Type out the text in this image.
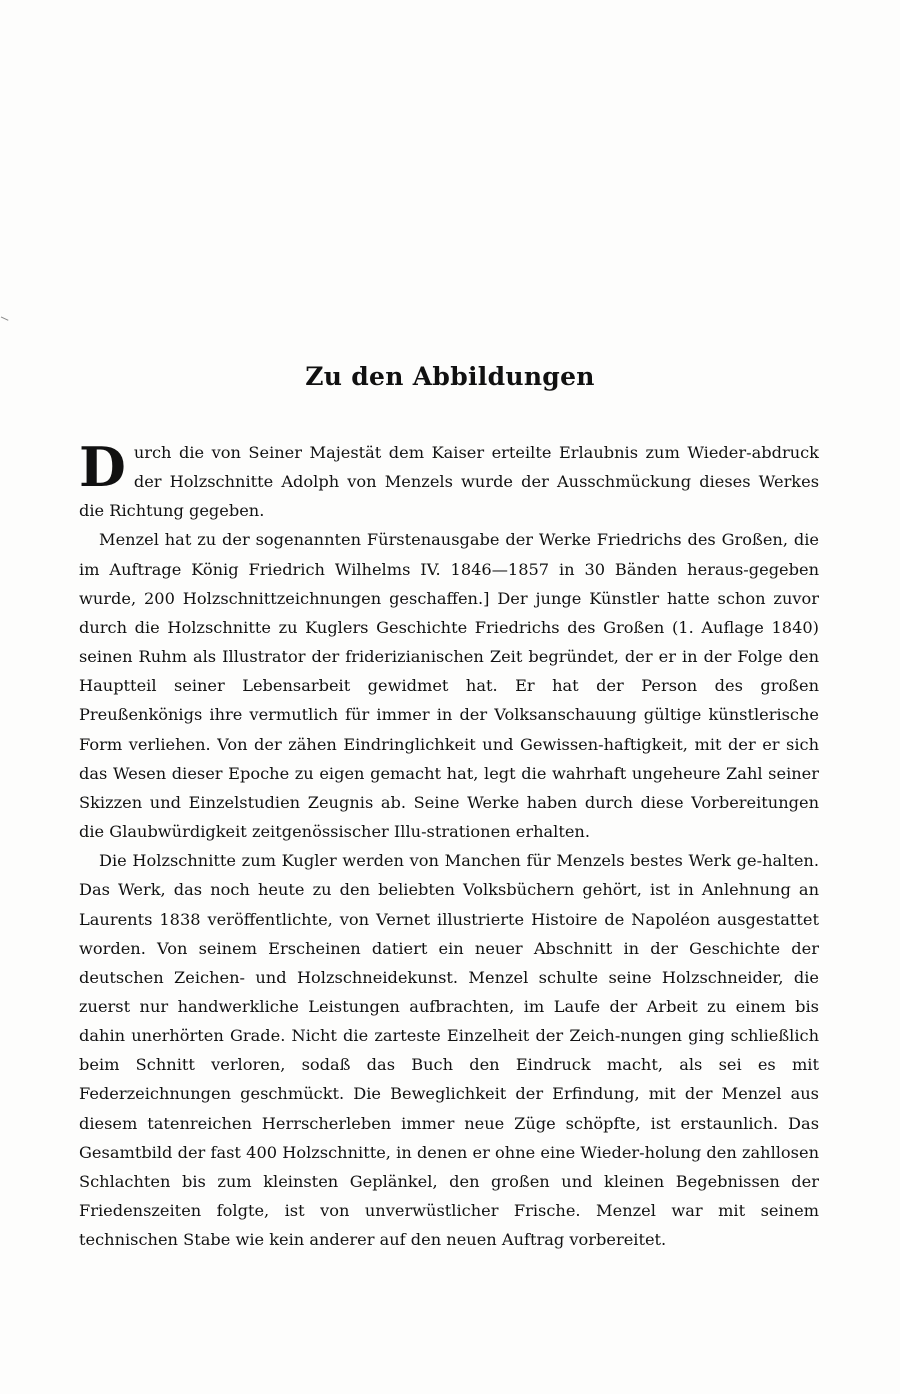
Zu den Abbildungen

Durch die von Seiner Majestät dem Kaiser erteilte Erlaubnis zum Wieder-abdruck der Holzschnitte Adolph von Menzels wurde der Ausschmückung dieses Werkes die Richtung gegeben.

Menzel hat zu der sogenannten Fürstenausgabe der Werke Friedrichs des Großen, die im Auftrage König Friedrich Wilhelms IV. 1846—1857 in 30 Bänden heraus-gegeben wurde, 200 Holzschnittzeichnungen geschaffen.] Der junge Künstler hatte schon zuvor durch die Holzschnitte zu Kuglers Geschichte Friedrichs des Großen (1. Auflage 1840) seinen Ruhm als Illustrator der friderizianischen Zeit begründet, der er in der Folge den Hauptteil seiner Lebensarbeit gewidmet hat. Er hat der Person des großen Preußenkönigs ihre vermutlich für immer in der Volksanschauung gültige künstlerische Form verliehen. Von der zähen Eindringlichkeit und Gewissen-haftigkeit, mit der er sich das Wesen dieser Epoche zu eigen gemacht hat, legt die wahrhaft ungeheure Zahl seiner Skizzen und Einzelstudien Zeugnis ab. Seine Werke haben durch diese Vorbereitungen die Glaubwürdigkeit zeitgenössischer Illu-strationen erhalten.

Die Holzschnitte zum Kugler werden von Manchen für Menzels bestes Werk ge-halten. Das Werk, das noch heute zu den beliebten Volksbüchern gehört, ist in Anlehnung an Laurents 1838 veröffentlichte, von Vernet illustrierte Histoire de Napoléon ausgestattet worden. Von seinem Erscheinen datiert ein neuer Abschnitt in der Geschichte der deutschen Zeichen- und Holzschneidekunst. Menzel schulte seine Holzschneider, die zuerst nur handwerkliche Leistungen aufbrachten, im Laufe der Arbeit zu einem bis dahin unerhörten Grade. Nicht die zarteste Einzelheit der Zeich-nungen ging schließlich beim Schnitt verloren, sodaß das Buch den Eindruck macht, als sei es mit Federzeichnungen geschmückt. Die Beweglichkeit der Erfindung, mit der Menzel aus diesem tatenreichen Herrscherleben immer neue Züge schöpfte, ist erstaunlich. Das Gesamtbild der fast 400 Holzschnitte, in denen er ohne eine Wieder-holung den zahllosen Schlachten bis zum kleinsten Geplänkel, den großen und kleinen Begebnissen der Friedenszeiten folgte, ist von unverwüstlicher Frische. Menzel war mit seinem technischen Stabe wie kein anderer auf den neuen Auftrag vorbereitet.
